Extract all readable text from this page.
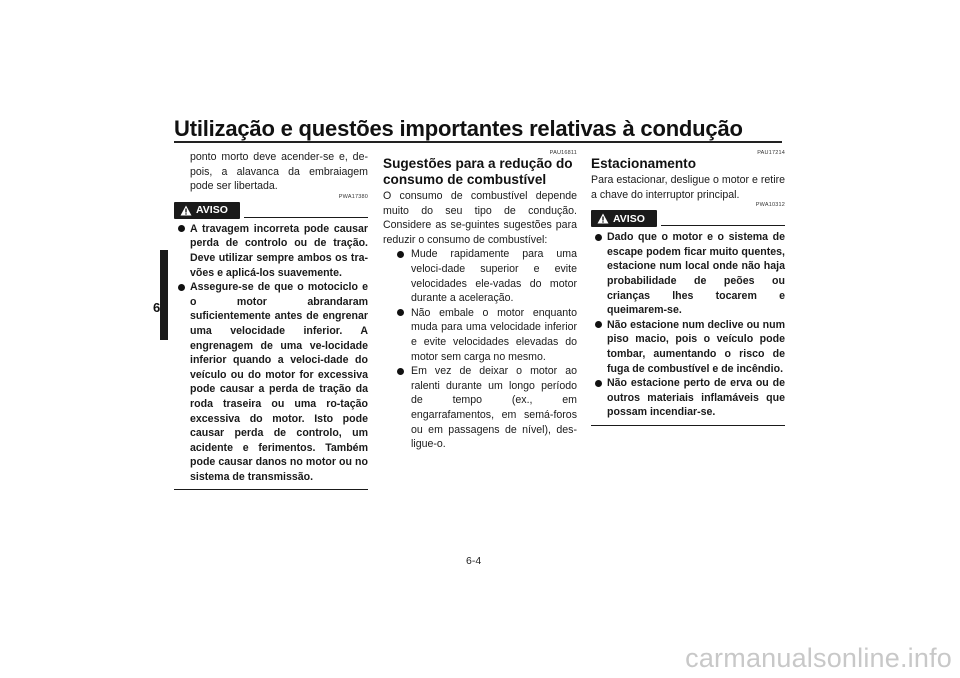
Utilização e questões importantes relativas à condução
6

ponto morto deve acender-se e, de-pois, a alavanca da embraiagem pode ser libertada.

PWA17380
AVISO
A travagem incorreta pode causar perda de controlo ou de tração. Deve utilizar sempre ambos os tra-vões e aplicá-los suavemente.
Assegure-se de que o motociclo e o motor abrandaram suficientemente antes de engrenar uma velocidade inferior. A engrenagem de uma ve-locidade inferior quando a veloci-dade do veículo ou do motor for excessiva pode causar a perda de tração da roda traseira ou uma ro-tação excessiva do motor. Isto pode causar perda de controlo, um acidente e ferimentos. Também pode causar danos no motor ou no sistema de transmissão.
PAU16811
Sugestões para a redução do consumo de combustível

O consumo de combustível depende muito do seu tipo de condução. Considere as se-guintes sugestões para reduzir o consumo de combustível:

Mude rapidamente para uma veloci-dade superior e evite velocidades ele-vadas do motor durante a aceleração.
Não embale o motor enquanto muda para uma velocidade inferior e evite velocidades elevadas do motor sem carga no mesmo.
Em vez de deixar o motor ao ralenti durante um longo período de tempo (ex., em engarrafamentos, em semá-foros ou em passagens de nível), des-ligue-o.
PAU17214
Estacionamento

Para estacionar, desligue o motor e retire a chave do interruptor principal.

PWA10312
AVISO
Dado que o motor e o sistema de escape podem ficar muito quentes, estacione num local onde não haja probabilidade de peões ou crianças lhes tocarem e queimarem-se.
Não estacione num declive ou num piso macio, pois o veículo pode tombar, aumentando o risco de fuga de combustível e de incêndio.
Não estacione perto de erva ou de outros materiais inflamáveis que possam incendiar-se.
6-4
carmanualsonline.info
